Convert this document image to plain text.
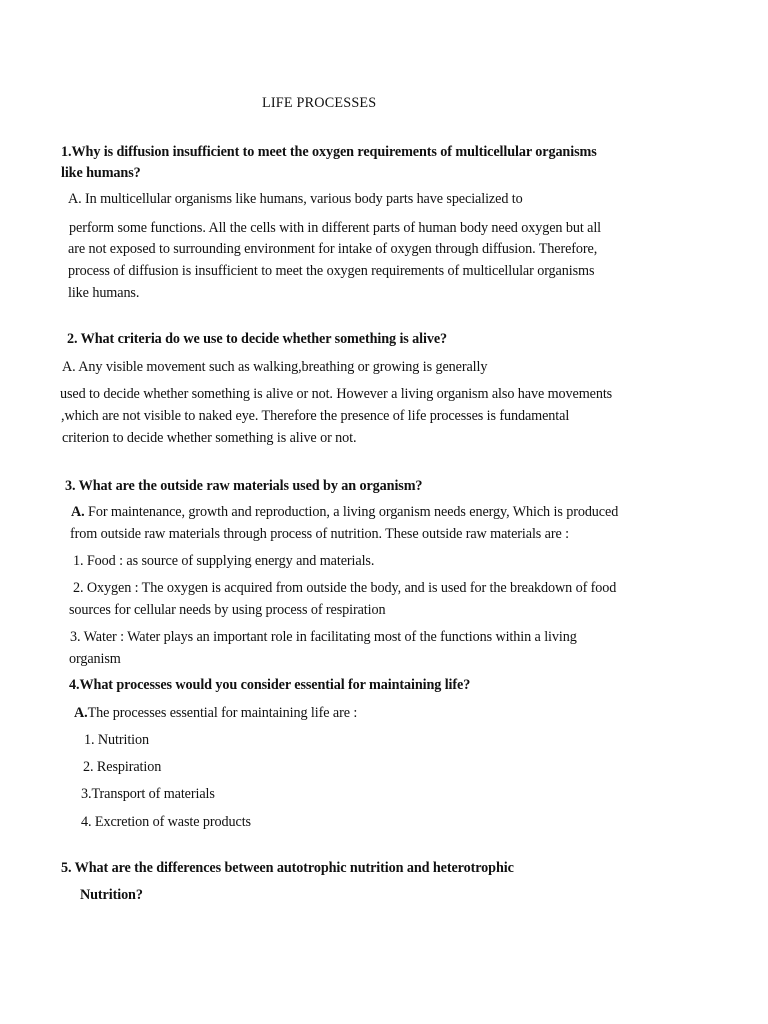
LIFE PROCESSES
1.Why is diffusion insufficient to meet the oxygen requirements of multicellular organisms
like humans?
A. In multicellular organisms like humans, various body parts have specialized to
perform some functions. All the cells with in different parts of human body need oxygen but all
are not exposed to surrounding environment for intake of oxygen through diffusion. Therefore,
process of diffusion is insufficient to meet the oxygen requirements of multicellular organisms
like humans.
2. What criteria do we use to decide whether something is alive?
A. Any visible movement such as walking,breathing or growing is generally
used to decide whether something is alive or not. However a living organism also have movements
,which are not visible to naked eye. Therefore the presence of life processes is fundamental
criterion to decide whether something is alive or not.
3. What are the outside raw materials used by an organism?
A. For maintenance, growth and reproduction, a living organism needs energy, Which is produced
from outside raw materials through process of nutrition. These outside raw materials are :
1. Food : as source of supplying energy and materials.
2. Oxygen : The oxygen is acquired from outside the body, and is used for the breakdown of food
sources for cellular needs by using process of respiration
3. Water : Water plays an important role in facilitating most of the functions within a living
organism
4.What processes would you consider essential for maintaining life?
A.The processes essential for maintaining life are :
1. Nutrition
2. Respiration
3.Transport of materials
4. Excretion of waste products
5. What are the differences between autotrophic nutrition and heterotrophic
Nutrition?
